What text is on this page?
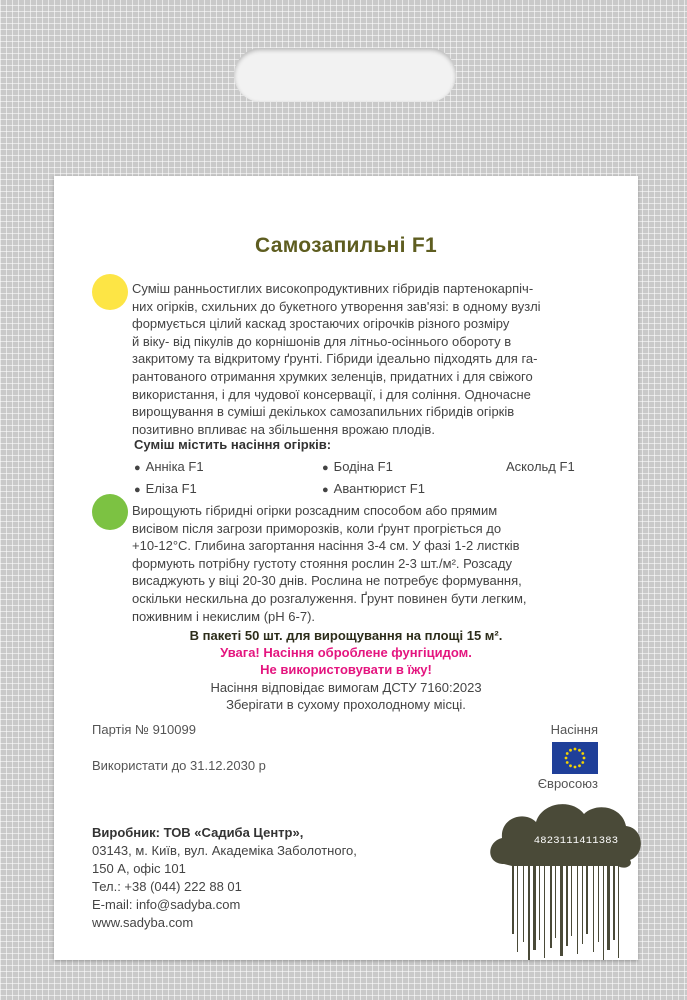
Самозапильні F1

Суміш ранньостиглих високопродуктивних гібридів партенокарпіч-
них огірків, схильних до букетного утворення зав'язі: в одному вузлі
формується цілий каскад зростаючих огірочків різного розміру
й віку- від пікулів до корнішонів для літньо-осіннього обороту в
закритому та відкритому ґрунті. Гібриди ідеально підходять для га-
рантованого отримання хрумких зеленців, придатних і для свіжого
використання, і для чудової консервації, і для соління. Одночасне
вирощування в суміші декількох самозапильних гібридів огірків
позитивно впливає на збільшення врожаю плодів.

Суміш містить насіння огірків:
● Анніка F1	● Бодіна F1	Аскольд F1
● Еліза F1	● Авантюрист F1

Вирощують гібридні огірки розсадним способом або прямим
висівом після загрози приморозків, коли ґрунт прогріється до
+10-12°С. Глибина загортання насіння 3-4 см. У фазі 1-2 листків
формують потрібну густоту стояння рослин 2-3 шт./м². Розсаду
висаджують у віці 20-30 днів. Рослина не потребує формування,
оскільки нескильна до розгалуження. Ґрунт повинен бути легким,
поживним і некислим (pH 6-7).

В пакеті 50 шт. для вирощування на площі 15 м².
Увага! Насіння оброблене фунгіцидом.
Не використовувати в їжу!
Насіння відповідає вимогам ДСТУ 7160:2023
Зберігати в сухому прохолодному місці.
Партія № 910099
Використати до 31.12.2030 р
Насіння
Євросоюз
Виробник: ТОВ «Садиба Центр»,
03143, м. Київ, вул. Академіка Заболотного,
150 А, офіс 101
Тел.: +38 (044) 222 88 01
E-mail: info@sadyba.com
www.sadyba.com
4823111411383
